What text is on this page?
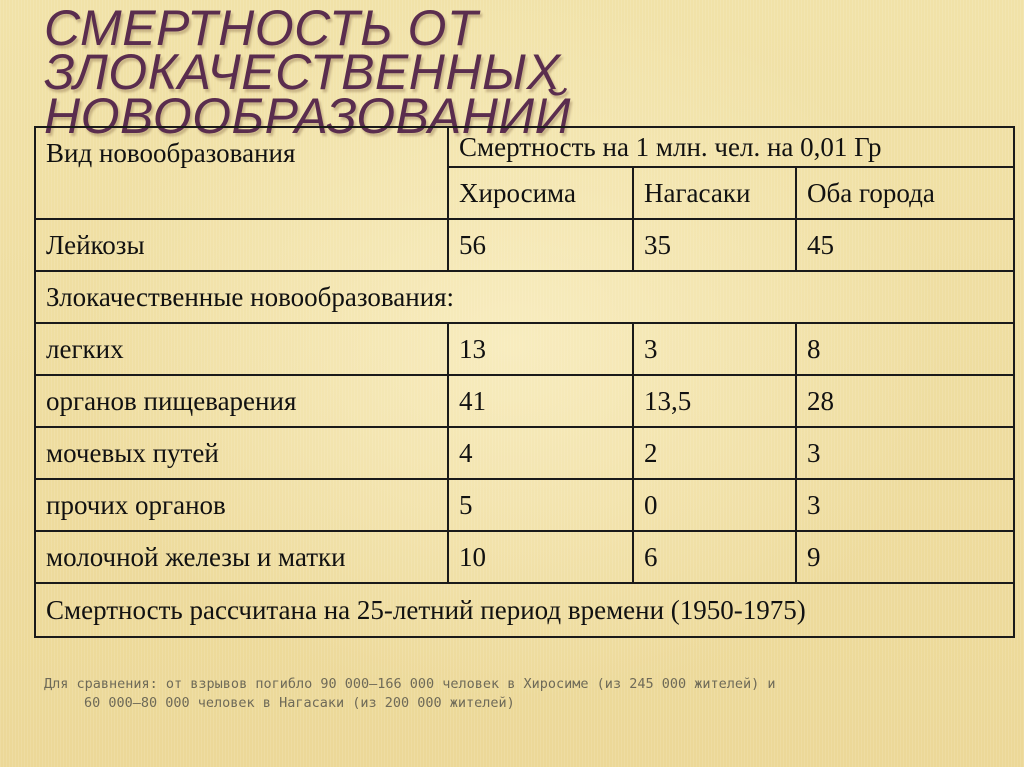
СМЕРТНОСТЬ ОТ ЗЛОКАЧЕСТВЕННЫХ
НОВООБРАЗОВАНИЙ
Вид новообразования	Смертность на 1 млн. чел. на 0,01 Гр		
	Хиросима	Нагасаки	Оба города
Лейкозы	56	35	45
Злокачественные новообразования:			
легких	13	3	8
органов пищеварения	41	13,5	28
мочевых путей	4	2	3
прочих органов	5	0	3
молочной железы и матки	10	6	9
Смертность рассчитана на 25-летний период времени (1950-1975)			

Для сравнения: от взрывов погибло 90 000–166 000 человек в Хиросиме (из 245 000 жителей) и
60 000–80 000 человек в Нагасаки (из 200 000 жителей)
